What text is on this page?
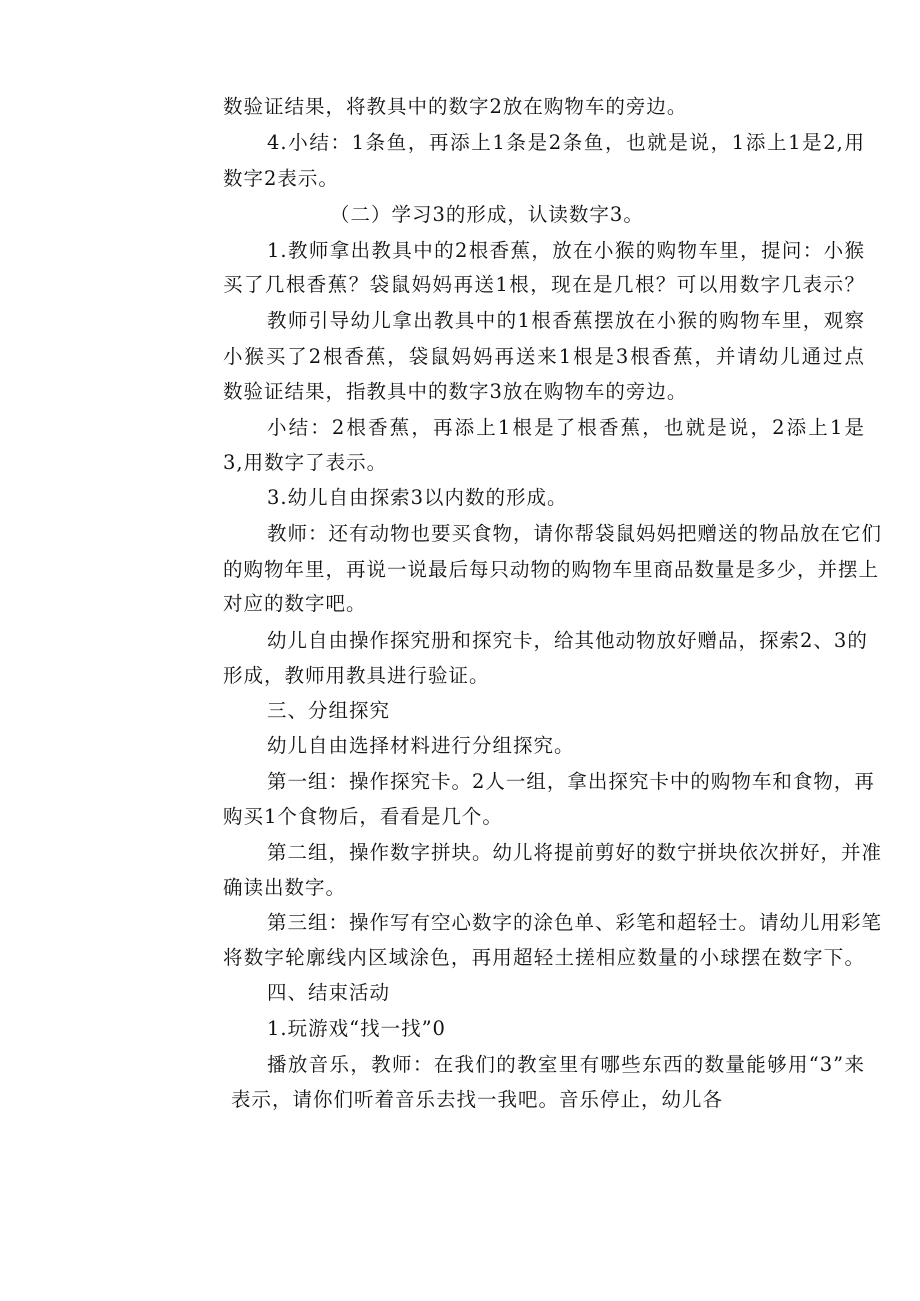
数验证结果，将教具中的数字2放在购物车的旁边。
4.小结：1条鱼，再添上1条是2条鱼，也就是说，1添上1是2,用
数字2表示。
（二）学习3的形成，认读数字3。
1.教师拿出教具中的2根香蕉，放在小猴的购物车里，提问：小猴
买了几根香蕉？袋鼠妈妈再送1根，现在是几根？可以用数字几表示？
教师引导幼儿拿出教具中的1根香蕉摆放在小猴的购物车里，观察
小猴买了2根香蕉，袋鼠妈妈再送来1根是3根香蕉，并请幼儿通过点
数验证结果，指教具中的数字3放在购物车的旁边。
小结：2根香蕉，再添上1根是了根香蕉，也就是说，2添上1是
3,用数字了表示。
3.幼儿自由探索3以内数的形成。
教师：还有动物也要买食物，请你帮袋鼠妈妈把赠送的物品放在它们
的购物年里，再说一说最后每只动物的购物车里商品数量是多少，并摆上
对应的数字吧。
幼儿自由操作探究册和探究卡，给其他动物放好赠品，探索2、3的
形成，教师用教具进行验证。
三、分组探究
幼儿自由选择材料进行分组探究。
第一组：操作探究卡。2人一组，拿出探究卡中的购物车和食物，再
购买1个食物后，看看是几个。
第二组，操作数字拼块。幼儿将提前剪好的数宁拼块依次拼好，并准
确读出数字。
第三组：操作写有空心数字的涂色单、彩笔和超轻士。请幼儿用彩笔
将数字轮廓线内区域涂色，再用超轻土搓相应数量的小球摆在数字下。
四、结束活动
1.玩游戏“找一找”0
播放音乐，教师：在我们的教室里有哪些东西的数量能够用“3”来
表示，请你们听着音乐去找一我吧。音乐停止，幼儿各
